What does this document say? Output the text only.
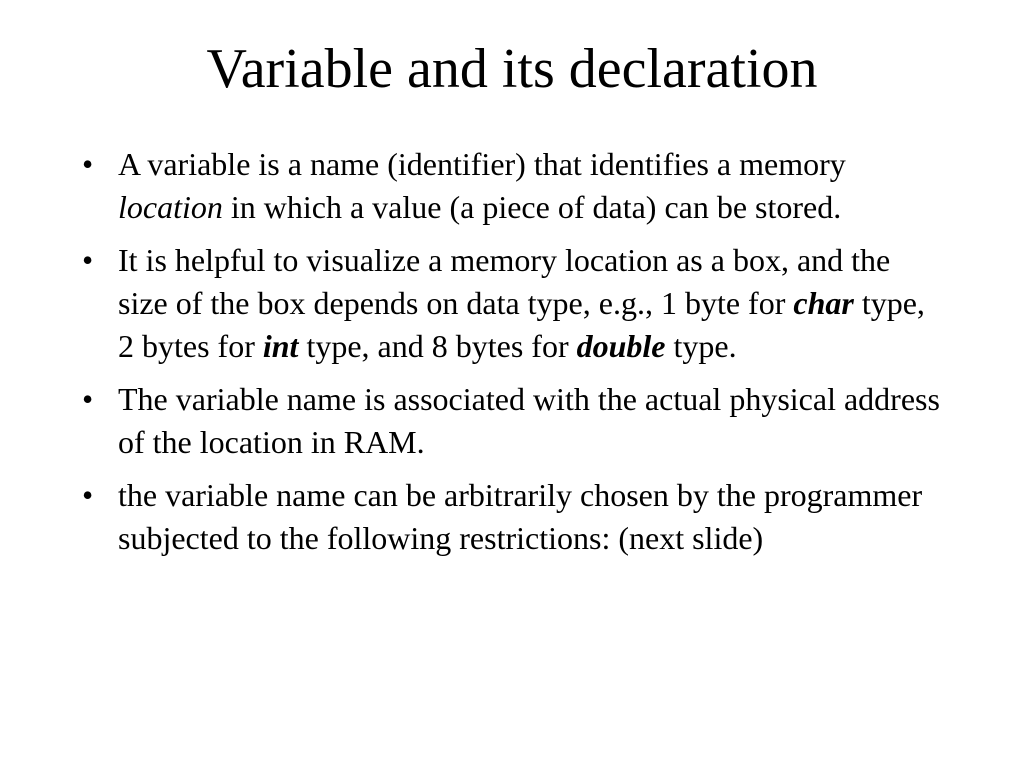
Variable and its declaration
• A variable is a name (identifier) that identifies a memory location in which a value (a piece of data) can be stored.
• It is helpful to visualize a memory location as a box, and the size of the box depends on data type, e.g., 1 byte for char type, 2 bytes for int type, and 8 bytes for double type.
• The variable name is associated with the actual physical address of the location in RAM.
• the variable name can be arbitrarily chosen by the programmer subjected to the following restrictions: (next slide)
